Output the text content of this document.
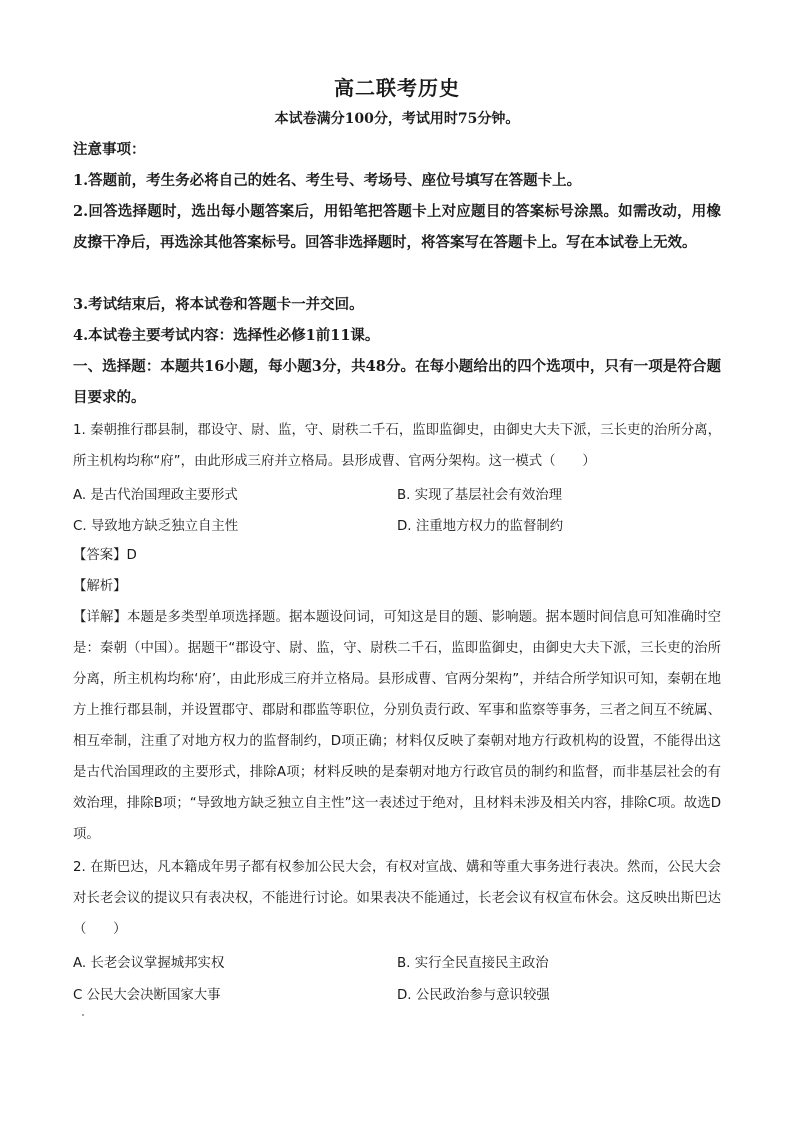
高二联考历史
本试卷满分100分，考试用时75分钟。
注意事项：
1.答题前，考生务必将自己的姓名、考生号、考场号、座位号填写在答题卡上。
2.回答选择题时，选出每小题答案后，用铅笔把答题卡上对应题目的答案标号涂黑。如需改动，用橡皮擦干净后，再选涂其他答案标号。回答非选择题时，将答案写在答题卡上。写在本试卷上无效。
3.考试结束后，将本试卷和答题卡一并交回。
4.本试卷主要考试内容：选择性必修1前11课。
一、选择题：本题共16小题，每小题3分，共48分。在每小题给出的四个选项中，只有一项是符合题目要求的。
1. 秦朝推行郡县制，郡设守、尉、监，守、尉秩二千石，监即监御史，由御史大夫下派，三长吏的治所分离，所主机构均称“府”，由此形成三府并立格局。县形成曹、官两分架构。这一模式（　　）
A. 是古代治国理政主要形式	B. 实现了基层社会有效治理
C. 导致地方缺乏独立自主性	D. 注重地方权力的监督制约
【答案】D
【解析】
【详解】本题是多类型单项选择题。据本题设问词，可知这是目的题、影响题。据本题时间信息可知准确时空是：秦朝（中国）。据题干“郡设守、尉、监，守、尉秩二千石，监即监御史，由御史大夫下派，三长吏的治所分离，所主机构均称‘府’，由此形成三府并立格局。县形成曹、官两分架构”，并结合所学知识可知，秦朝在地方上推行郡县制，并设置郡守、郡尉和郡监等职位，分别负责行政、军事和监察等事务，三者之间互不统属、相互牵制，注重了对地方权力的监督制约，D项正确；材料仅反映了秦朝对地方行政机构的设置，不能得出这是古代治国理政的主要形式，排除A项；材料反映的是秦朝对地方行政官员的制约和监督，而非基层社会的有效治理，排除B项；“导致地方缺乏独立自主性”这一表述过于绝对，且材料未涉及相关内容，排除C项。故选D项。
2. 在斯巴达，凡本籍成年男子都有权参加公民大会，有权对宣战、媾和等重大事务进行表决。然而，公民大会对长老会议的提议只有表决权，不能进行讨论。如果表决不能通过，长老会议有权宣布休会。这反映出斯巴达（　　）
A. 长老会议掌握城邦实权	B. 实行全民直接民主政治
C 公民大会决断国家大事	D. 公民政治参与意识较强
